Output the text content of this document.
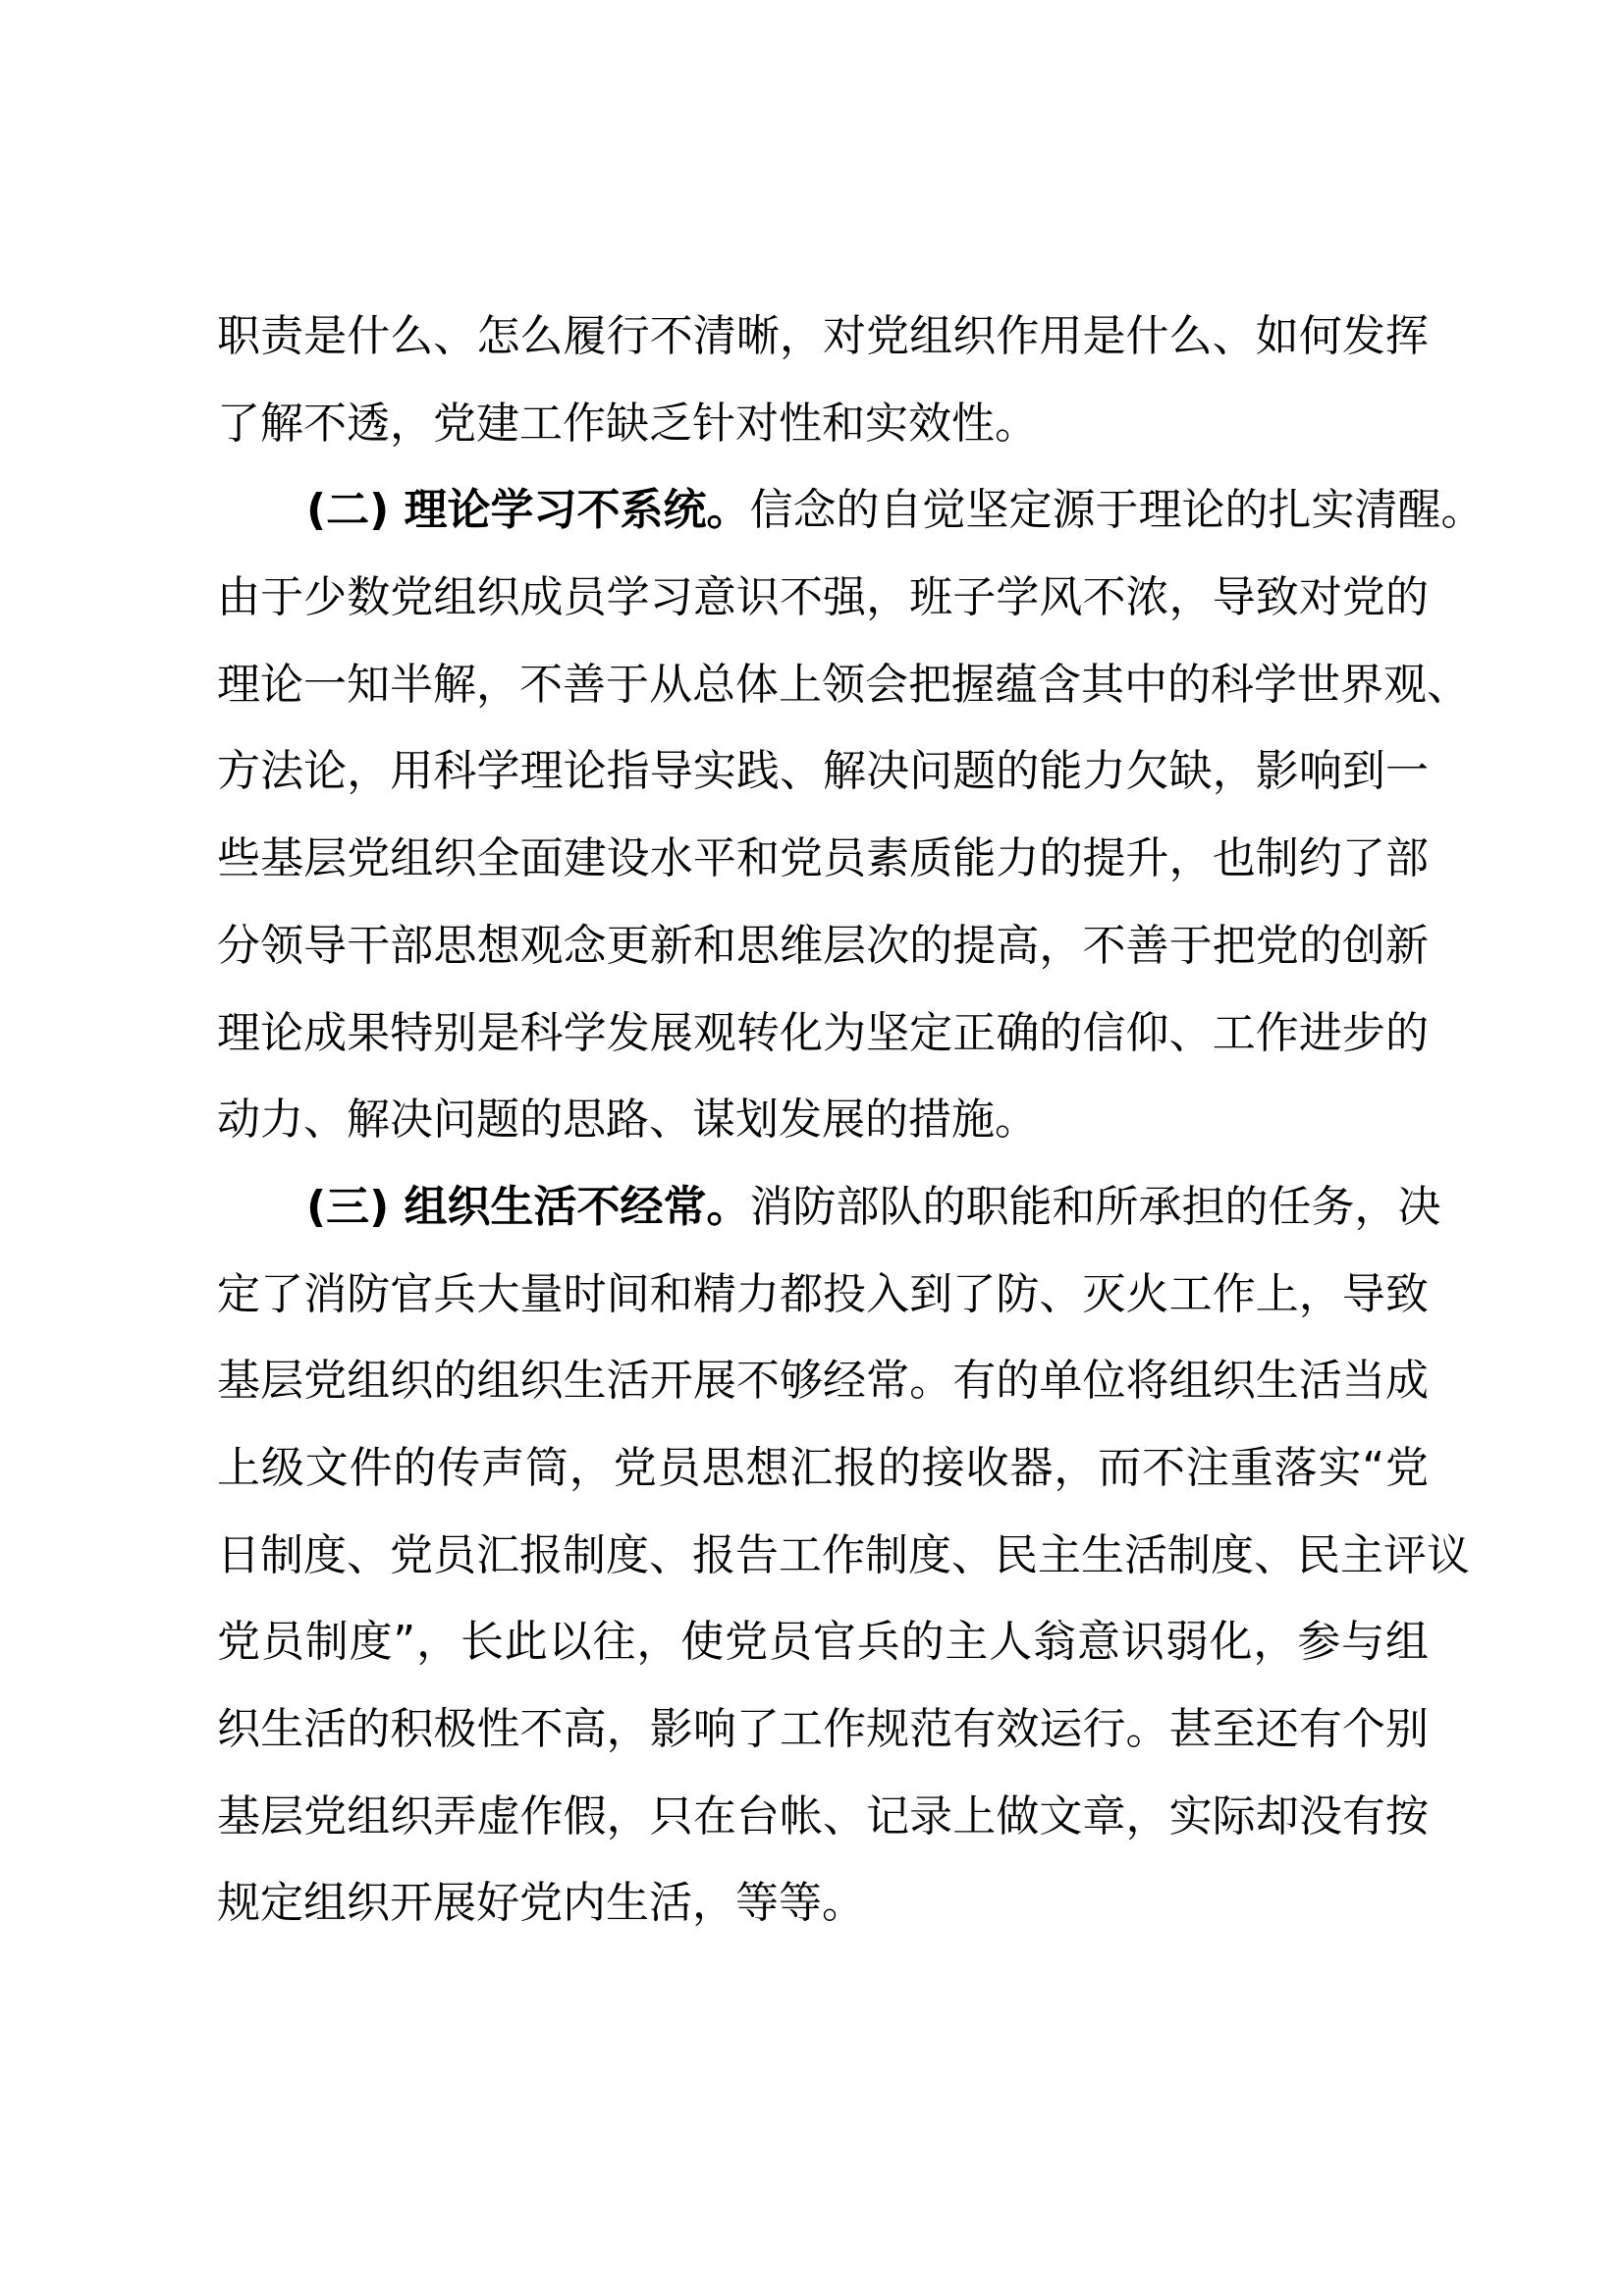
职责是什么、怎么履行不清晰，对党组织作用是什么、如何发挥
了解不透，党建工作缺乏针对性和实效性。
(二) 理论学习不系统。信念的自觉坚定源于理论的扎实清醒。
由于少数党组织成员学习意识不强，班子学风不浓，导致对党的
理论一知半解，不善于从总体上领会把握蕴含其中的科学世界观、
方法论，用科学理论指导实践、解决问题的能力欠缺，影响到一
些基层党组织全面建设水平和党员素质能力的提升，也制约了部
分领导干部思想观念更新和思维层次的提高，不善于把党的创新
理论成果特别是科学发展观转化为坚定正确的信仰、工作进步的
动力、解决问题的思路、谋划发展的措施。
(三) 组织生活不经常。消防部队的职能和所承担的任务，决
定了消防官兵大量时间和精力都投入到了防、灭火工作上，导致
基层党组织的组织生活开展不够经常。有的单位将组织生活当成
上级文件的传声筒，党员思想汇报的接收器，而不注重落实“党
日制度、党员汇报制度、报告工作制度、民主生活制度、民主评议
党员制度”，长此以往，使党员官兵的主人翁意识弱化，参与组
织生活的积极性不高，影响了工作规范有效运行。甚至还有个别
基层党组织弄虚作假，只在台帐、记录上做文章，实际却没有按
规定组织开展好党内生活，等等。
